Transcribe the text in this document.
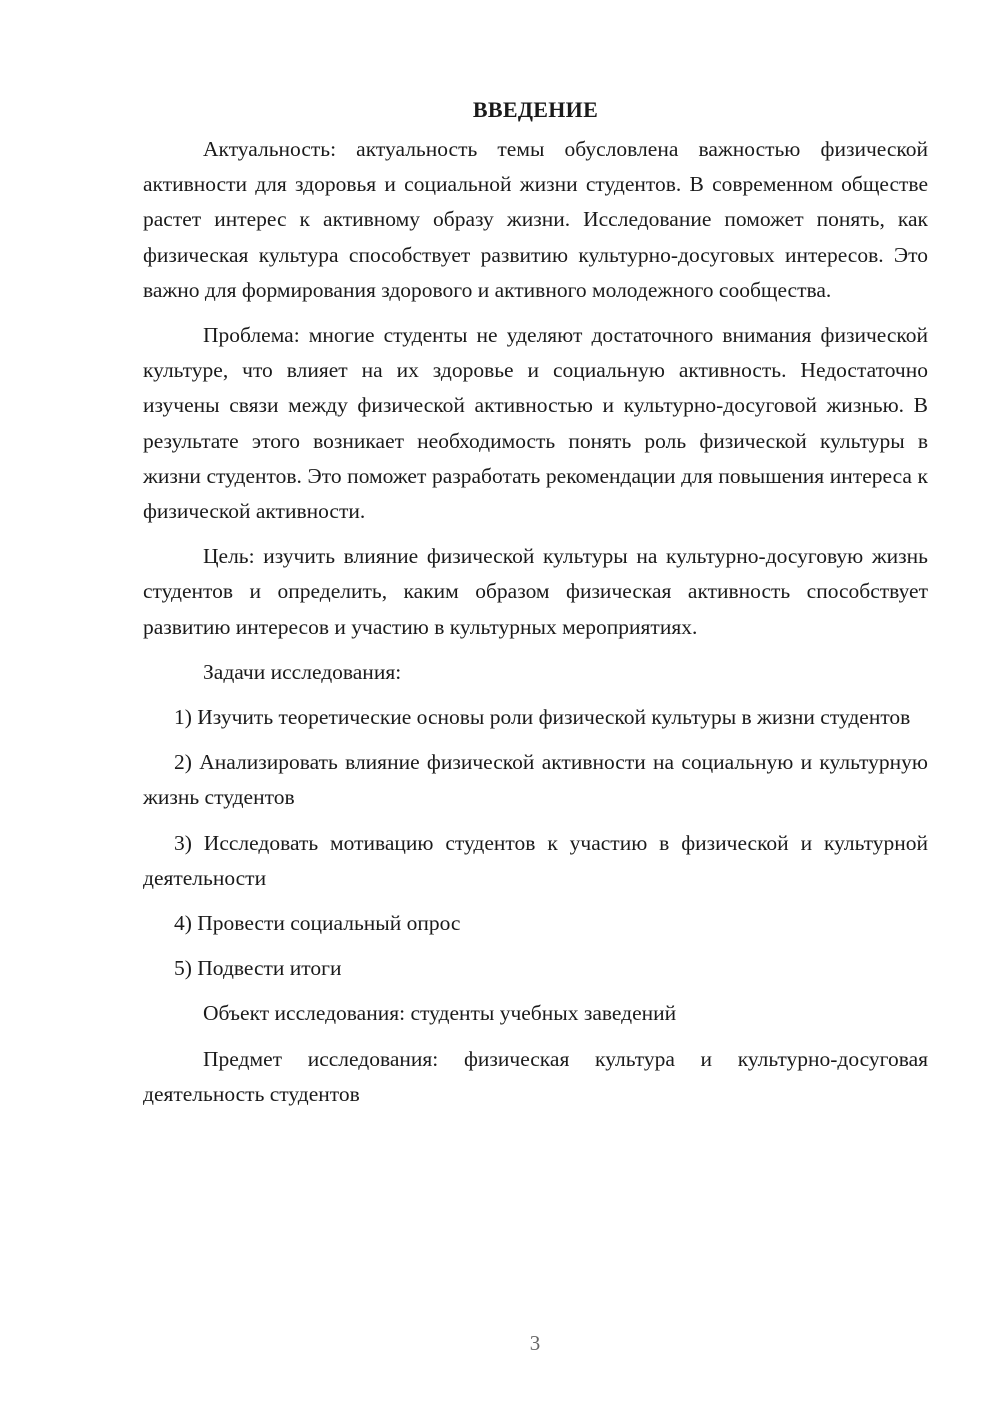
ВВЕДЕНИЕ

Актуальность: актуальность темы обусловлена важностью физической активности для здоровья и социальной жизни студентов. В современном обществе растет интерес к активному образу жизни. Исследование поможет понять, как физическая культура способствует развитию культурно-досуговых интересов. Это важно для формирования здорового и активного молодежного сообщества.

Проблема: многие студенты не уделяют достаточного внимания физической культуре, что влияет на их здоровье и социальную активность. Недостаточно изучены связи между физической активностью и культурно-досуговой жизнью. В результате этого возникает необходимость понять роль физической культуры в жизни студентов. Это поможет разработать рекомендации для повышения интереса к физической активности.

Цель: изучить влияние физической культуры на культурно-досуговую жизнь студентов и определить, каким образом физическая активность способствует развитию интересов и участию в культурных мероприятиях.

Задачи исследования:

1) Изучить теоретические основы роли физической культуры в жизни студентов

2) Анализировать влияние физической активности на социальную и культурную жизнь студентов

3) Исследовать мотивацию студентов к участию в физической и культурной деятельности

4) Провести социальный опрос

5) Подвести итоги

Объект исследования: студенты учебных заведений

Предмет исследования: физическая культура и культурно-досуговая деятельность студентов

3
